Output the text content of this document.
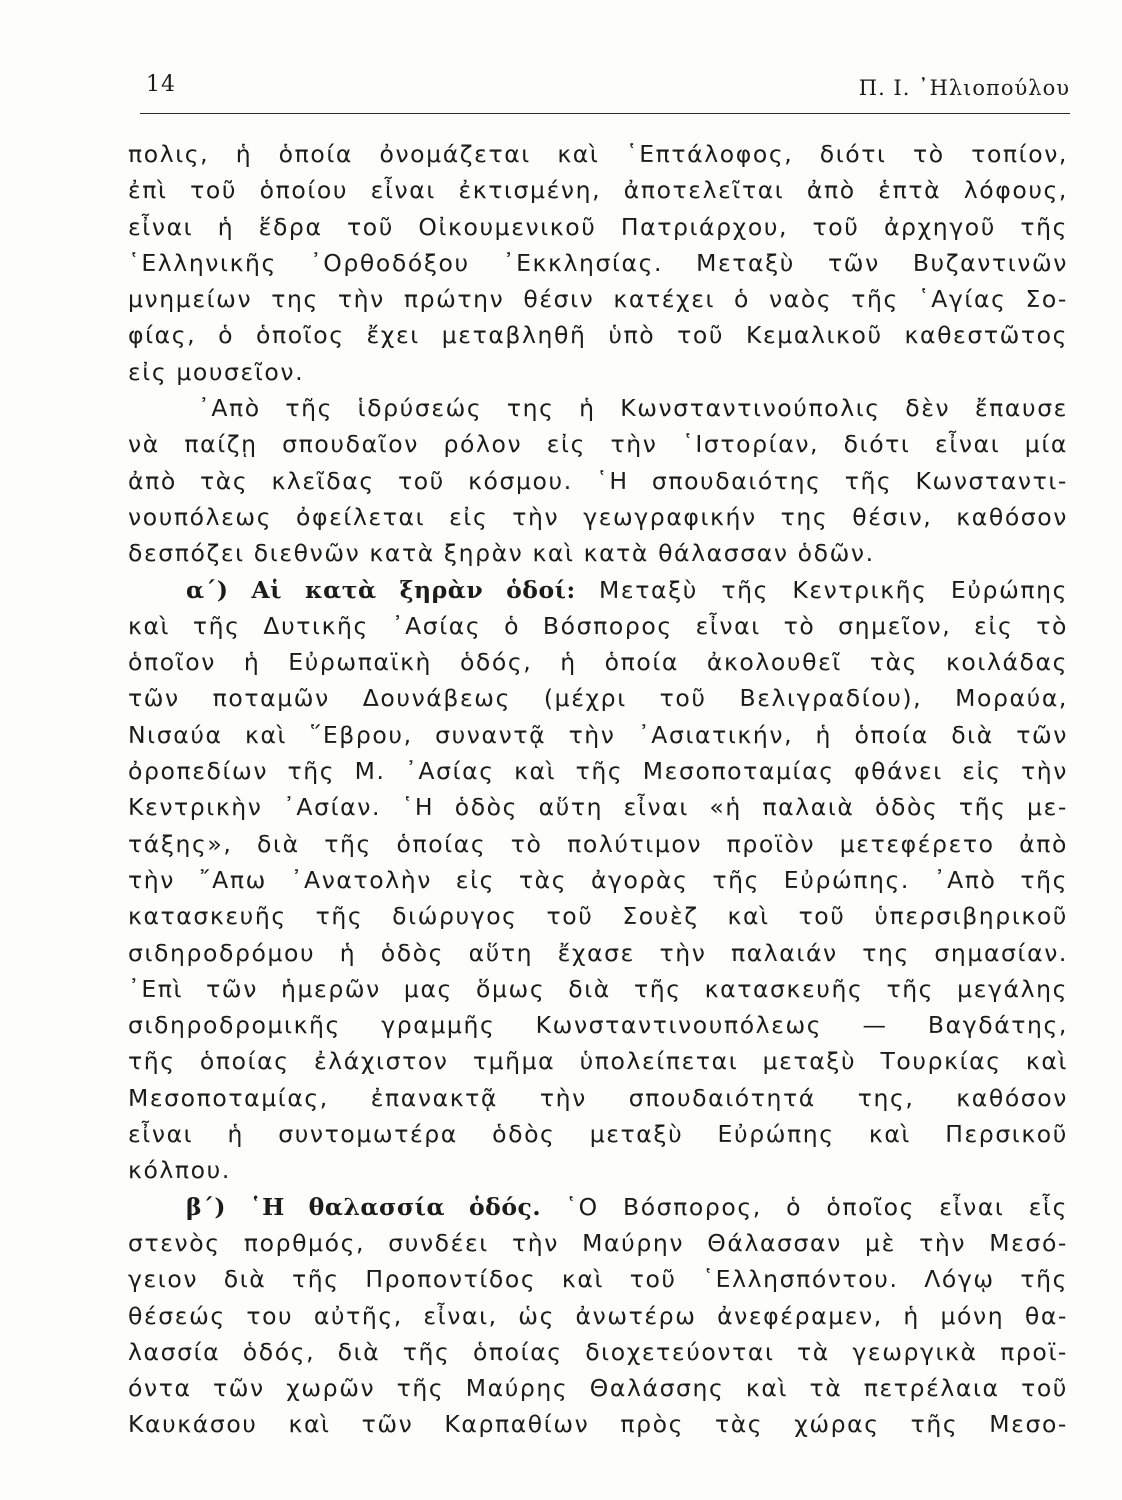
14	Π. Ι. ᾿Ηλιοπούλου
πολις, ἡ ὁποία ὀνομάζεται καὶ ῾Επτάλοφος, διότι τὸ τοπίον,
ἐπὶ τοῦ ὁποίου εἶναι ἐκτισμένη, ἀποτελεῖται ἀπὸ ἑπτὰ λόφους,
εἶναι ἡ ἕδρα τοῦ Οἰκουμενικοῦ Πατριάρχου, τοῦ ἀρχηγοῦ τῆς
῾Ελληνικῆς ᾿Ορθοδόξου ᾿Εκκλησίας. Μεταξὺ τῶν Βυζαντινῶν
μνημείων της τὴν πρώτην θέσιν κατέχει ὁ ναὸς τῆς ῾Αγίας Σο-
φίας, ὁ ὁποῖος ἔχει μεταβληθῆ ὑπὸ τοῦ Κεμαλικοῦ καθεστῶτος
εἰς μουσεῖον.
᾿Απὸ τῆς ἱδρύσεώς της ἡ Κωνσταντινούπολις δὲν ἔπαυσε
νὰ παίζῃ σπουδαῖον ρόλον εἰς τὴν ῾Ιστορίαν, διότι εἶναι μία
ἀπὸ τὰς κλεῖδας τοῦ κόσμου. ῾Η σπουδαιότης τῆς Κωνσταντι-
νουπόλεως ὀφείλεται εἰς τὴν γεωγραφικήν της θέσιν, καθόσον
δεσπόζει διεθνῶν κατὰ ξηρὰν καὶ κατὰ θάλασσαν ὁδῶν.
α΄) Αἱ κατὰ ξηρὰν ὁδοί: Μεταξὺ τῆς Κεντρικῆς Εὐρώπης
καὶ τῆς Δυτικῆς ᾿Ασίας ὁ Βόσπορος εἶναι τὸ σημεῖον, εἰς τὸ
ὁποῖον ἡ Εὐρωπαϊκὴ ὁδός, ἡ ὁποία ἀκολουθεῖ τὰς κοιλάδας
τῶν ποταμῶν Δουνάβεως (μέχρι τοῦ Βελιγραδίου), Μοραύα,
Νισαύα καὶ ῞Εβρου, συναντᾷ τὴν ᾿Ασιατικήν, ἡ ὁποία διὰ τῶν
ὀροπεδίων τῆς Μ. ᾿Ασίας καὶ τῆς Μεσοποταμίας φθάνει εἰς τὴν
Κεντρικὴν ᾿Ασίαν. ῾Η ὁδὸς αὕτη εἶναι «ἡ παλαιὰ ὁδὸς τῆς με-
τάξης», διὰ τῆς ὁποίας τὸ πολύτιμον προϊὸν μετεφέρετο ἀπὸ
τὴν ῎Απω ᾿Ανατολὴν εἰς τὰς ἀγορὰς τῆς Εὐρώπης. ᾿Απὸ τῆς
κατασκευῆς τῆς διώρυγος τοῦ Σουὲζ καὶ τοῦ ὑπερσιβηρικοῦ
σιδηροδρόμου ἡ ὁδὸς αὕτη ἔχασε τὴν παλαιάν της σημασίαν.
᾿Επὶ τῶν ἡμερῶν μας ὅμως διὰ τῆς κατασκευῆς τῆς μεγάλης
σιδηροδρομικῆς γραμμῆς Κωνσταντινουπόλεως — Βαγδάτης,
τῆς ὁποίας ἐλάχιστον τμῆμα ὑπολείπεται μεταξὺ Τουρκίας καὶ
Μεσοποταμίας, ἐπανακτᾷ τὴν σπουδαιότητά της, καθόσον
εἶναι ἡ συντομωτέρα ὁδὸς μεταξὺ Εὐρώπης καὶ Περσικοῦ
κόλπου.
β΄) ῾Η θαλασσία ὁδός. ῾Ο Βόσπορος, ὁ ὁποῖος εἶναι εἷς
στενὸς πορθμός, συνδέει τὴν Μαύρην Θάλασσαν μὲ τὴν Μεσό-
γειον διὰ τῆς Προποντίδος καὶ τοῦ ῾Ελλησπόντου. Λόγῳ τῆς
θέσεώς του αὐτῆς, εἶναι, ὡς ἀνωτέρω ἀνεφέραμεν, ἡ μόνη θα-
λασσία ὁδός, διὰ τῆς ὁποίας διοχετεύονται τὰ γεωργικὰ προϊ-
όντα τῶν χωρῶν τῆς Μαύρης Θαλάσσης καὶ τὰ πετρέλαια τοῦ
Καυκάσου καὶ τῶν Καρπαθίων πρὸς τὰς χώρας τῆς Μεσο-
